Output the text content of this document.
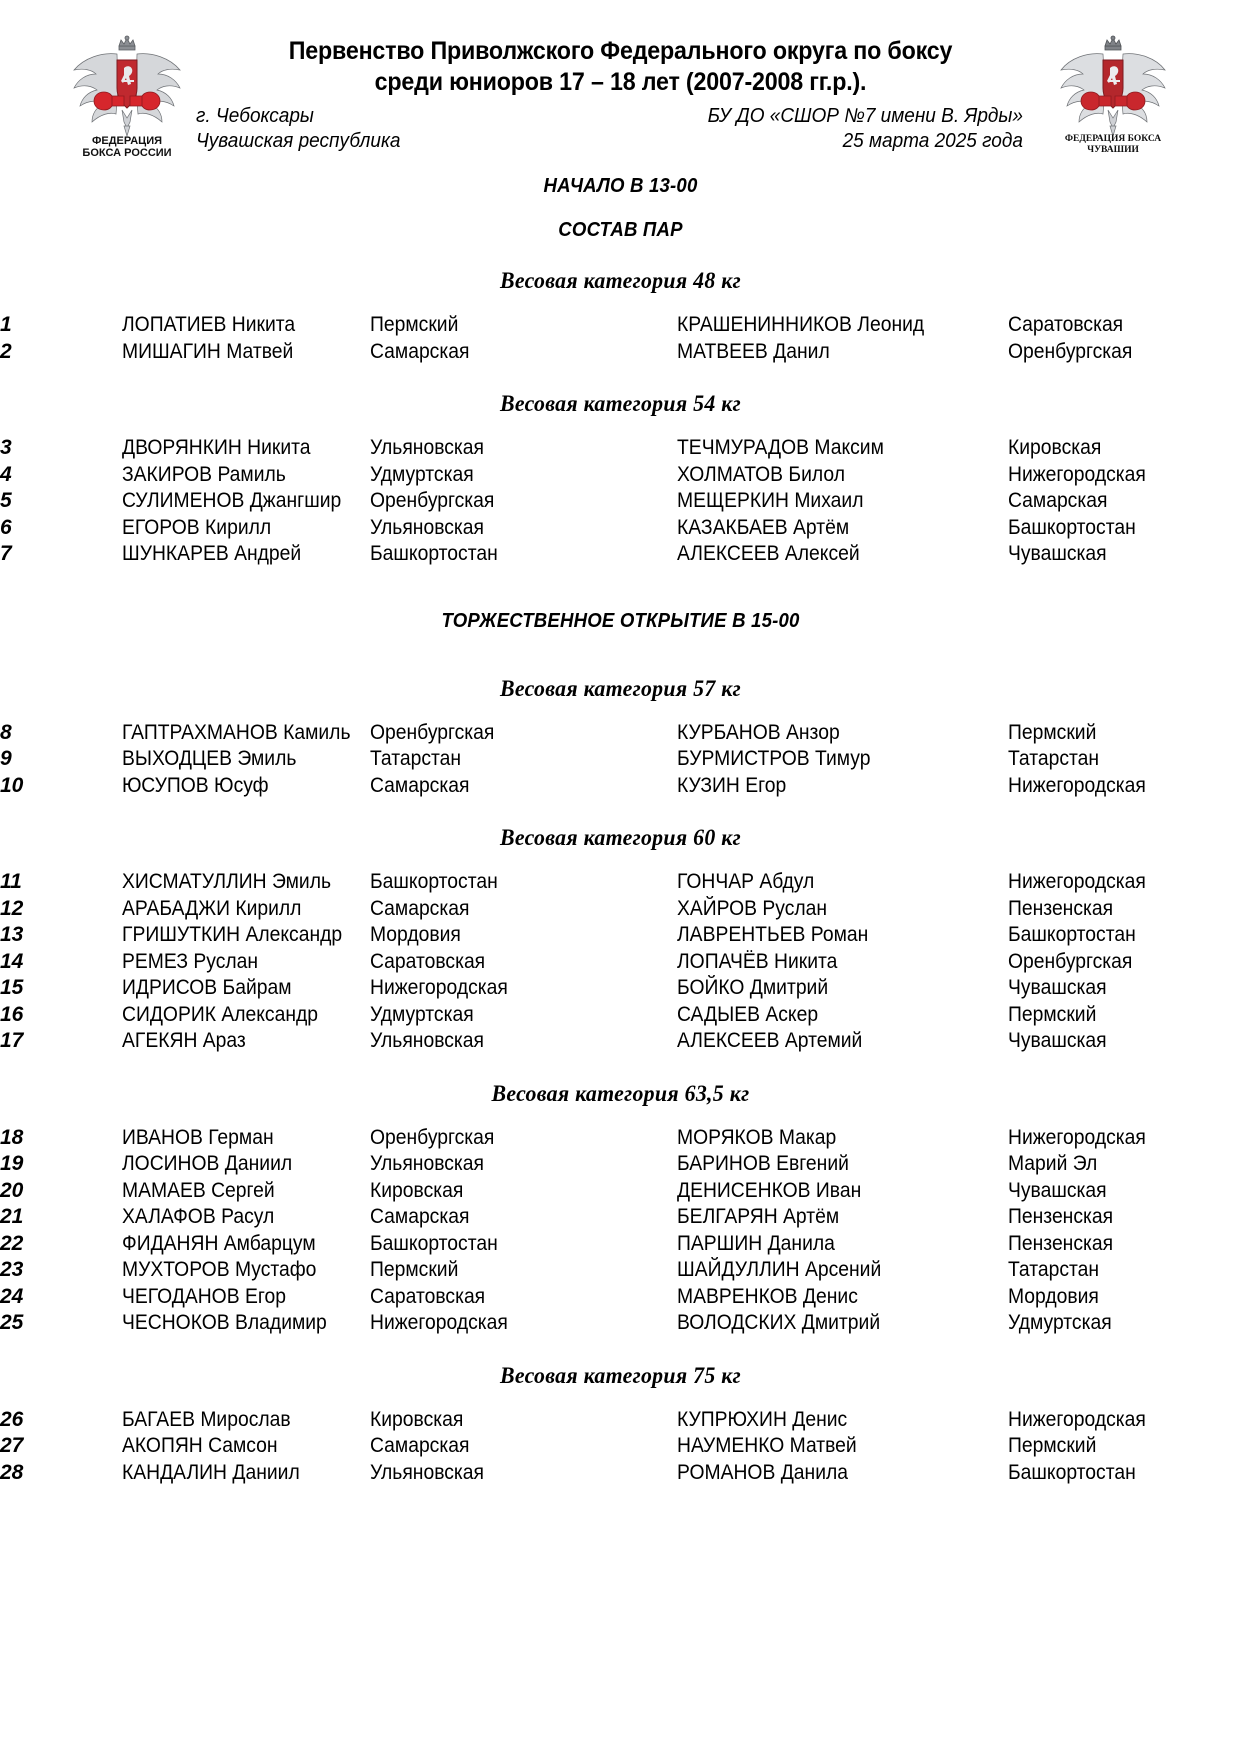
ФЕДЕРАЦИЯ
БОКСА РОССИИ
Первенство Приволжского Федерального округа по боксу
среди юниоров 17 – 18 лет (2007-2008 гг.р.).
г. Чебоксары
Чувашская республика
БУ ДО «СШОР №7 имени В. Ярды»
25 марта 2025 года	ФЕДЕРАЦИЯ БОКСА
ЧУВАШИИ
НАЧАЛО В 13-00
СОСТАВ ПАР
Весовая категория 48 кг
1	ЛОПАТИЕВ Никита	Пермский	КРАШЕНИННИКОВ Леонид	Саратовская
2	МИШАГИН Матвей	Самарская	МАТВЕЕВ Данил	Оренбургская
Весовая категория 54 кг
3	ДВОРЯНКИН Никита	Ульяновская	ТЕЧМУРАДОВ Максим	Кировская
4	ЗАКИРОВ Рамиль	Удмуртская	ХОЛМАТОВ Билол	Нижегородская
5	СУЛИМЕНОВ Джангшир	Оренбургская	МЕЩЕРКИН Михаил	Самарская
6	ЕГОРОВ Кирилл	Ульяновская	КАЗАКБАЕВ Артём	Башкортостан
7	ШУНКАРЕВ Андрей	Башкортостан	АЛЕКСЕЕВ Алексей	Чувашская
ТОРЖЕСТВЕННОЕ ОТКРЫТИЕ В 15-00
Весовая категория 57 кг
8	ГАПТРАХМАНОВ Камиль	Оренбургская	КУРБАНОВ Анзор	Пермский
9	ВЫХОДЦЕВ Эмиль	Татарстан	БУРМИСТРОВ Тимур	Татарстан
10	ЮСУПОВ Юсуф	Самарская	КУЗИН Егор	Нижегородская
Весовая категория 60 кг
11	ХИСМАТУЛЛИН Эмиль	Башкортостан	ГОНЧАР Абдул	Нижегородская
12	АРАБАДЖИ Кирилл	Самарская	ХАЙРОВ Руслан	Пензенская
13	ГРИШУТКИН Александр	Мордовия	ЛАВРЕНТЬЕВ Роман	Башкортостан
14	РЕМЕЗ Руслан	Саратовская	ЛОПАЧЁВ Никита	Оренбургская
15	ИДРИСОВ Байрам	Нижегородская	БОЙКО Дмитрий	Чувашская
16	СИДОРИК Александр	Удмуртская	САДЫЕВ Аскер	Пермский
17	АГЕКЯН Араз	Ульяновская	АЛЕКСЕЕВ Артемий	Чувашская
Весовая категория 63,5 кг
18	ИВАНОВ Герман	Оренбургская	МОРЯКОВ Макар	Нижегородская
19	ЛОСИНОВ Даниил	Ульяновская	БАРИНОВ Евгений	Марий Эл
20	МАМАЕВ Сергей	Кировская	ДЕНИСЕНКОВ Иван	Чувашская
21	ХАЛАФОВ Расул	Самарская	БЕЛГАРЯН Артём	Пензенская
22	ФИДАНЯН Амбарцум	Башкортостан	ПАРШИН Данила	Пензенская
23	МУХТОРОВ Мустафо	Пермский	ШАЙДУЛЛИН Арсений	Татарстан
24	ЧЕГОДАНОВ Егор	Саратовская	МАВРЕНКОВ Денис	Мордовия
25	ЧЕСНОКОВ Владимир	Нижегородская	ВОЛОДСКИХ Дмитрий	Удмуртская
Весовая категория 75 кг
26	БАГАЕВ Мирослав	Кировская	КУПРЮХИН Денис	Нижегородская
27	АКОПЯН Самсон	Самарская	НАУМЕНКО Матвей	Пермский
28	КАНДАЛИН Даниил	Ульяновская	РОМАНОВ Данила	Башкортостан
